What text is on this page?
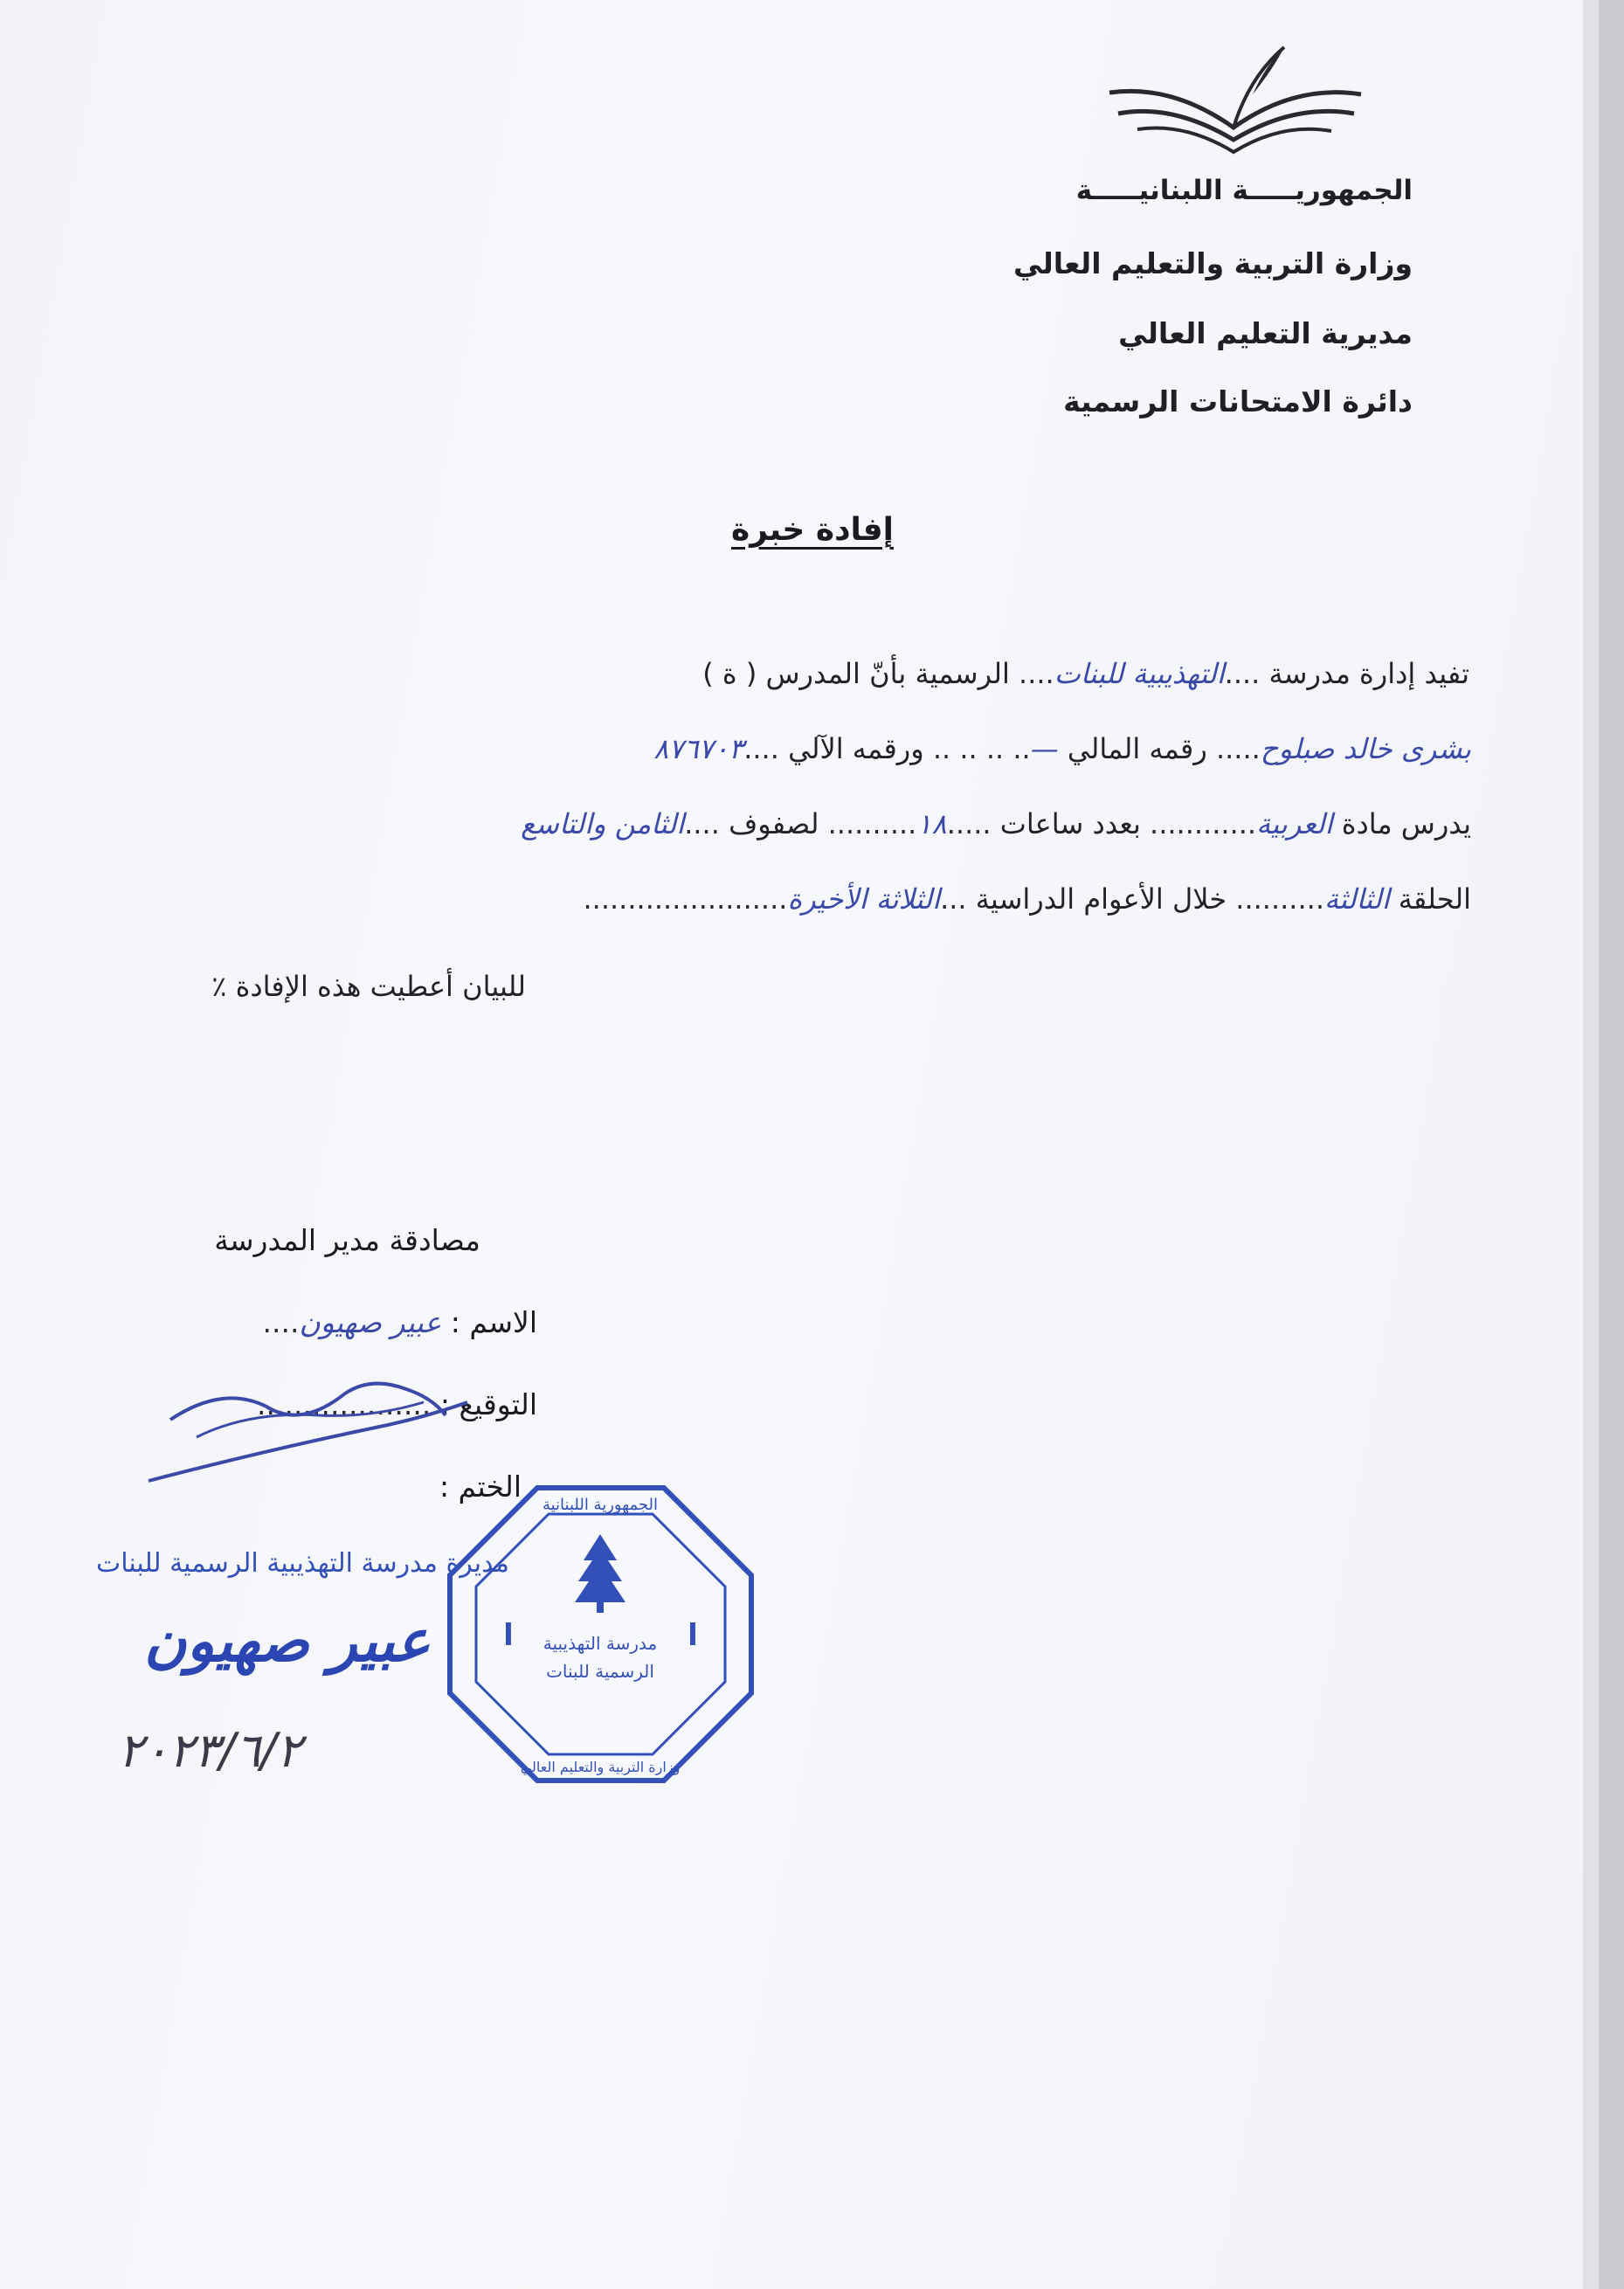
الجمهوريـــــة اللبنانيـــــة
وزارة التربية والتعليم العالي
مديرية التعليم العالي
دائرة الامتحانات الرسمية
إفادة خبرة
تفيد إدارة مدرسة ....التهذيبية للبنات.... الرسمية بأنّ المدرس ( ة )
بشرى خالد صبلوح..... رقمه المالي —.. .. .. .. ورقمه الآلي ....٨٧٦٧٠٣
يدرس مادة العربية............ بعدد ساعات .....١٨.......... لصفوف ....الثامن والتاسع
الحلقة الثالثة.......... خلال الأعوام الدراسية ...الثلاثة الأخيرة.......................
للبيان أعطيت هذه الإفادة ٪
مصادقة مدير المدرسة
الاسم : عبير صهيون....
التوقيع : ...................
الختم :
الجمهورية اللبنانية
مدرسة التهذيبية
الرسمية للبنات
ا	ا
وزارة التربية والتعليم العالي
مديرة مدرسة التهذيبية الرسمية للبنات
عبير صهيون
٢٠٢٣/٦/٢
